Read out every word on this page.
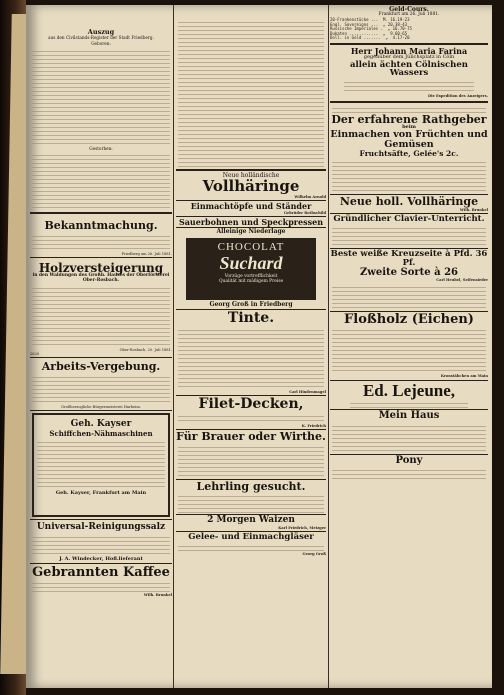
Auszug

aus den Civilstands-Register der Stadt Friedberg.

Geboren:

Gestorben:

Bekanntmachung.

Friedberg am 26. Juli 1881.

Holzversteigerung

in den Waldungen des Großh. Hauses der Oberförsterei Ober-Rosbach.

Ober-Rosbach, 20. Juli 1881.

2620

Arbeits-Vergebung.

Großherzogliche Bürgermeisterei Harheim.

Geh. Kayser

Schiffchen-Nähmaschinen

Geh. Kayser, Frankfurt am Main

Universal-Reinigungssalz

J. A. Windecker, Hofl.lieferant

Gebrannten Kaffee

Wilh. Brunkel

Neue holländische

Vollhäringe

Wilhelm Arnold

Einmachtöpfe und Ständer

Gebrüder Rothschild

Sauerbohnen und Speckpressen

Alleinige Niederlage

CHOCOLAT
Suchard
Vorzüge vortrefflichkeit
Qualität mit mäßigem Preise

Georg Groß in Friedberg

Tinte.

Carl Hindenmagel

Filet-Decken,

K. Friedrich

Für Brauer oder Wirthe.

Lehrling gesucht.

2 Morgen Waizen

Karl Friedrich, Metzger

Gelee- und Einmachgläser

Georg Groß

Geld-Cours.

Frankfurt am 26. Juli 1881.

20-Frankenstücke ...  M. 16.19-23
Engl. Sovereigns ...  „ 20.38-43
Russische Imperiales .  „ 16.70-75
Dukaten ............  „  9.60-65
Doll. in Gold .......  „  4.17-20

Herr Johann Maria Farina

gegenüber dem Jülichsplatz in Cöln

allein ächten Cölnischen Wassers

Die Expedition des Anzeigers.

Der erfahrene Rathgeber

beim

Einmachen von Früchten und Gemüsen

Fruchtsäfte, Gelée's 2c.

Neue holl. Vollhäringe

Wilh. Brunkel

Gründlicher Clavier-Unterricht.

Beste weiße Kreuzseite à Pfd. 36 Pf.

Zweite Sorte à 26

Carl Heubel, Seifensieder

Floßholz (Eichen)

Kronstäbchen am Main

Ed. Lejeune,

Mein Haus

Pony
